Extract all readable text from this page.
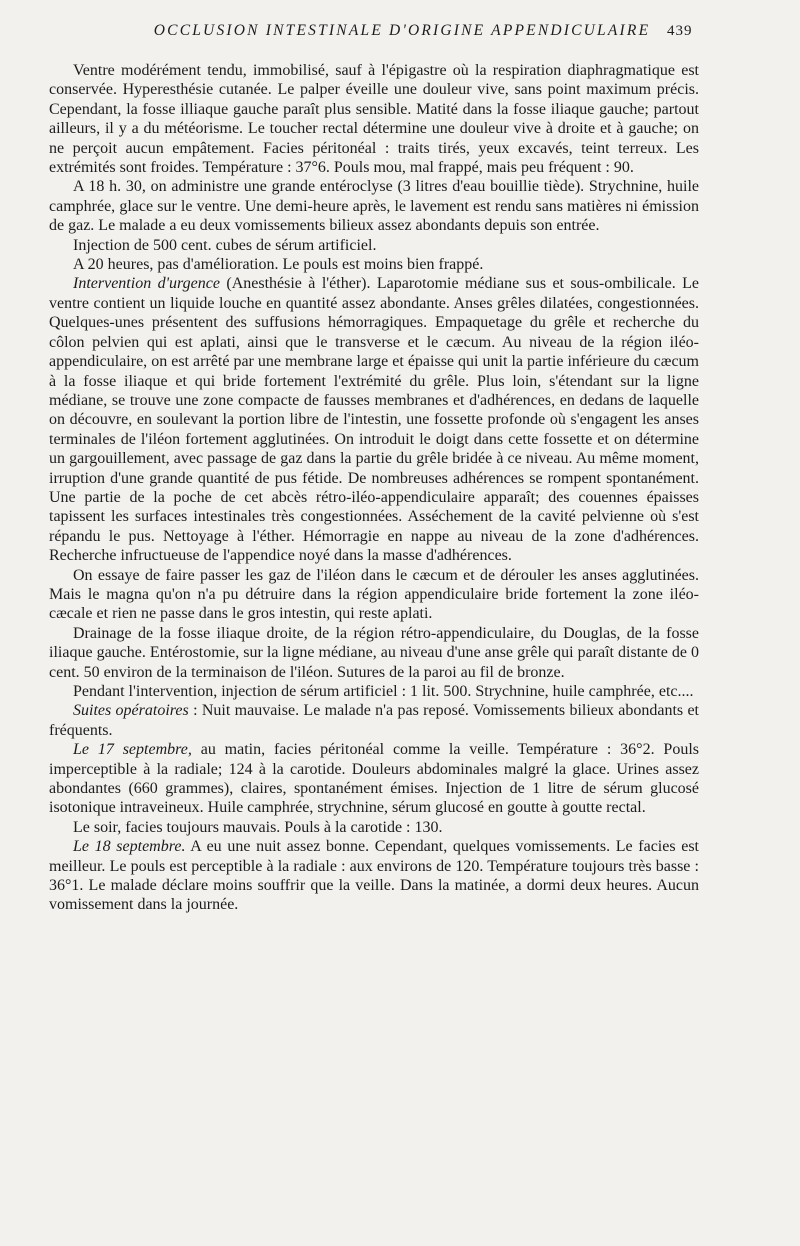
OCCLUSION INTESTINALE D'ORIGINE APPENDICULAIRE	439

Ventre modérément tendu, immobilisé, sauf à l'épigastre où la respiration diaphragmatique est conservée. Hyperesthésie cutanée. Le palper éveille une douleur vive, sans point maximum précis. Cependant, la fosse illiaque gauche paraît plus sensible. Matité dans la fosse iliaque gauche; partout ailleurs, il y a du météorisme. Le toucher rectal détermine une douleur vive à droite et à gauche; on ne perçoit aucun empâtement. Facies péritonéal : traits tirés, yeux excavés, teint terreux. Les extrémités sont froides. Température : 37°6. Pouls mou, mal frappé, mais peu fréquent : 90.

A 18 h. 30, on administre une grande entéroclyse (3 litres d'eau bouillie tiède). Strychnine, huile camphrée, glace sur le ventre. Une demi-heure après, le lavement est rendu sans matières ni émission de gaz. Le malade a eu deux vomissements bilieux assez abondants depuis son entrée.

Injection de 500 cent. cubes de sérum artificiel.

A 20 heures, pas d'amélioration. Le pouls est moins bien frappé.

Intervention d'urgence (Anesthésie à l'éther). Laparotomie médiane sus et sous-ombilicale. Le ventre contient un liquide louche en quantité assez abondante. Anses grêles dilatées, congestionnées. Quelques-unes présentent des suffusions hémorragiques. Empaquetage du grêle et recherche du côlon pelvien qui est aplati, ainsi que le transverse et le cæcum. Au niveau de la région iléo-appendiculaire, on est arrêté par une membrane large et épaisse qui unit la partie inférieure du cæcum à la fosse iliaque et qui bride fortement l'extrémité du grêle. Plus loin, s'étendant sur la ligne médiane, se trouve une zone compacte de fausses membranes et d'adhérences, en dedans de laquelle on découvre, en soulevant la portion libre de l'intestin, une fossette profonde où s'engagent les anses terminales de l'iléon fortement agglutinées. On introduit le doigt dans cette fossette et on détermine un gargouillement, avec passage de gaz dans la partie du grêle bridée à ce niveau. Au même moment, irruption d'une grande quantité de pus fétide. De nombreuses adhérences se rompent spontanément. Une partie de la poche de cet abcès rétro-iléo-appendiculaire apparaît; des couennes épaisses tapissent les surfaces intestinales très congestionnées. Asséchement de la cavité pelvienne où s'est répandu le pus. Nettoyage à l'éther. Hémorragie en nappe au niveau de la zone d'adhérences. Recherche infructueuse de l'appendice noyé dans la masse d'adhérences.

On essaye de faire passer les gaz de l'iléon dans le cæcum et de dérouler les anses agglutinées. Mais le magna qu'on n'a pu détruire dans la région appendiculaire bride fortement la zone iléo-cæcale et rien ne passe dans le gros intestin, qui reste aplati.

Drainage de la fosse iliaque droite, de la région rétro-appendiculaire, du Douglas, de la fosse iliaque gauche. Entérostomie, sur la ligne médiane, au niveau d'une anse grêle qui paraît distante de 0 cent. 50 environ de la terminaison de l'iléon. Sutures de la paroi au fil de bronze.

Pendant l'intervention, injection de sérum artificiel : 1 lit. 500. Strychnine, huile camphrée, etc....

Suites opératoires : Nuit mauvaise. Le malade n'a pas reposé. Vomissements bilieux abondants et fréquents.

Le 17 septembre, au matin, facies péritonéal comme la veille. Température : 36°2. Pouls imperceptible à la radiale; 124 à la carotide. Douleurs abdominales malgré la glace. Urines assez abondantes (660 grammes), claires, spontanément émises. Injection de 1 litre de sérum glucosé isotonique intraveineux. Huile camphrée, strychnine, sérum glucosé en goutte à goutte rectal.

Le soir, facies toujours mauvais. Pouls à la carotide : 130.

Le 18 septembre. A eu une nuit assez bonne. Cependant, quelques vomissements. Le facies est meilleur. Le pouls est perceptible à la radiale : aux environs de 120. Température toujours très basse : 36°1. Le malade déclare moins souffrir que la veille. Dans la matinée, a dormi deux heures. Aucun vomissement dans la journée.
